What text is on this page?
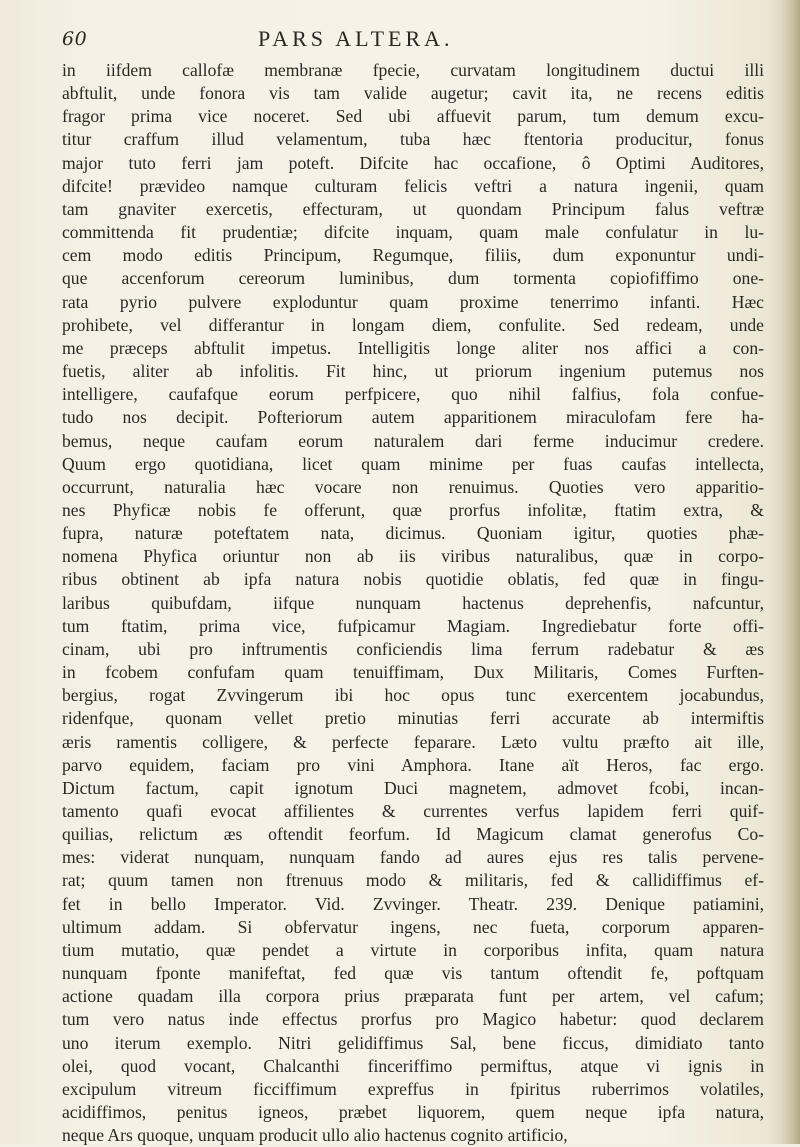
60	PARS ALTERA.
in iifdem callofæ membranæ fpecie, curvatam longitudinem ductui illi
abftulit, unde fonora vis tam valide augetur; cavit ita, ne recens editis
fragor prima vice noceret. Sed ubi affuevit parum, tum demum excu-
titur craffum illud velamentum, tuba hæc ftentoria producitur, fonus
major tuto ferri jam poteft. Difcite hac occafione, ô Optimi Auditores,
difcite! prævideo namque culturam felicis veftri a natura ingenii, quam
tam gnaviter exercetis, effecturam, ut quondam Principum falus veftræ
committenda fit prudentiæ; difcite inquam, quam male confulatur in lu-
cem modo editis Principum, Regumque, filiis, dum exponuntur undi-
que accenforum cereorum luminibus, dum tormenta copiofiffimo one-
rata pyrio pulvere exploduntur quam proxime tenerrimo infanti. Hæc
prohibete, vel differantur in longam diem, confulite. Sed redeam, unde
me præceps abftulit impetus. Intelligitis longe aliter nos affici a con-
fuetis, aliter ab infolitis. Fit hinc, ut priorum ingenium putemus nos
intelligere, caufafque eorum perfpicere, quo nihil falfius, fola confue-
tudo nos decipit. Pofteriorum autem apparitionem miraculofam fere ha-
bemus, neque caufam eorum naturalem dari ferme inducimur credere.
Quum ergo quotidiana, licet quam minime per fuas caufas intellecta,
occurrunt, naturalia hæc vocare non renuimus. Quoties vero apparitio-
nes Phyficæ nobis fe offerunt, quæ prorfus infolitæ, ftatim extra, &
fupra, naturæ poteftatem nata, dicimus. Quoniam igitur, quoties phæ-
nomena Phyfica oriuntur non ab iis viribus naturalibus, quæ in corpo-
ribus obtinent ab ipfa natura nobis quotidie oblatis, fed quæ in fingu-
laribus quibufdam, iifque nunquam hactenus deprehenfis, nafcuntur,
tum ftatim, prima vice, fufpicamur Magiam. Ingrediebatur forte offi-
cinam, ubi pro inftrumentis conficiendis lima ferrum radebatur & æs
in fcobem confufam quam tenuiffimam, Dux Militaris, Comes Furften-
bergius, rogat Zvvingerum ibi hoc opus tunc exercentem jocabundus,
ridenfque, quonam vellet pretio minutias ferri accurate ab intermiftis
æris ramentis colligere, & perfecte feparare. Læto vultu præfto ait ille,
parvo equidem, faciam pro vini Amphora. Itane aït Heros, fac ergo.
Dictum factum, capit ignotum Duci magnetem, admovet fcobi, incan-
tamento quafi evocat affilientes & currentes verfus lapidem ferri quif-
quilias, relictum æs oftendit feorfum. Id Magicum clamat generofus Co-
mes: viderat nunquam, nunquam fando ad aures ejus res talis pervene-
rat; quum tamen non ftrenuus modo & militaris, fed & callidiffimus ef-
fet in bello Imperator. Vid. Zvvinger. Theatr. 239. Denique patiamini,
ultimum addam. Si obfervatur ingens, nec fueta, corporum apparen-
tium mutatio, quæ pendet a virtute in corporibus infita, quam natura
nunquam fponte manifeftat, fed quæ vis tantum oftendit fe, poftquam
actione quadam illa corpora prius præparata funt per artem, vel cafum;
tum vero natus inde effectus prorfus pro Magico habetur: quod declarem
uno iterum exemplo. Nitri gelidiffimus Sal, bene ficcus, dimidiato tanto
olei, quod vocant, Chalcanthi finceriffimo permiftus, atque vi ignis in
excipulum vitreum ficciffimum expreffus in fpiritus ruberrimos volatiles,
acidiffimos, penitus igneos, præbet liquorem, quem neque ipfa natura,
neque Ars quoque, unquam producit ullo alio hactenus cognito artificio,
